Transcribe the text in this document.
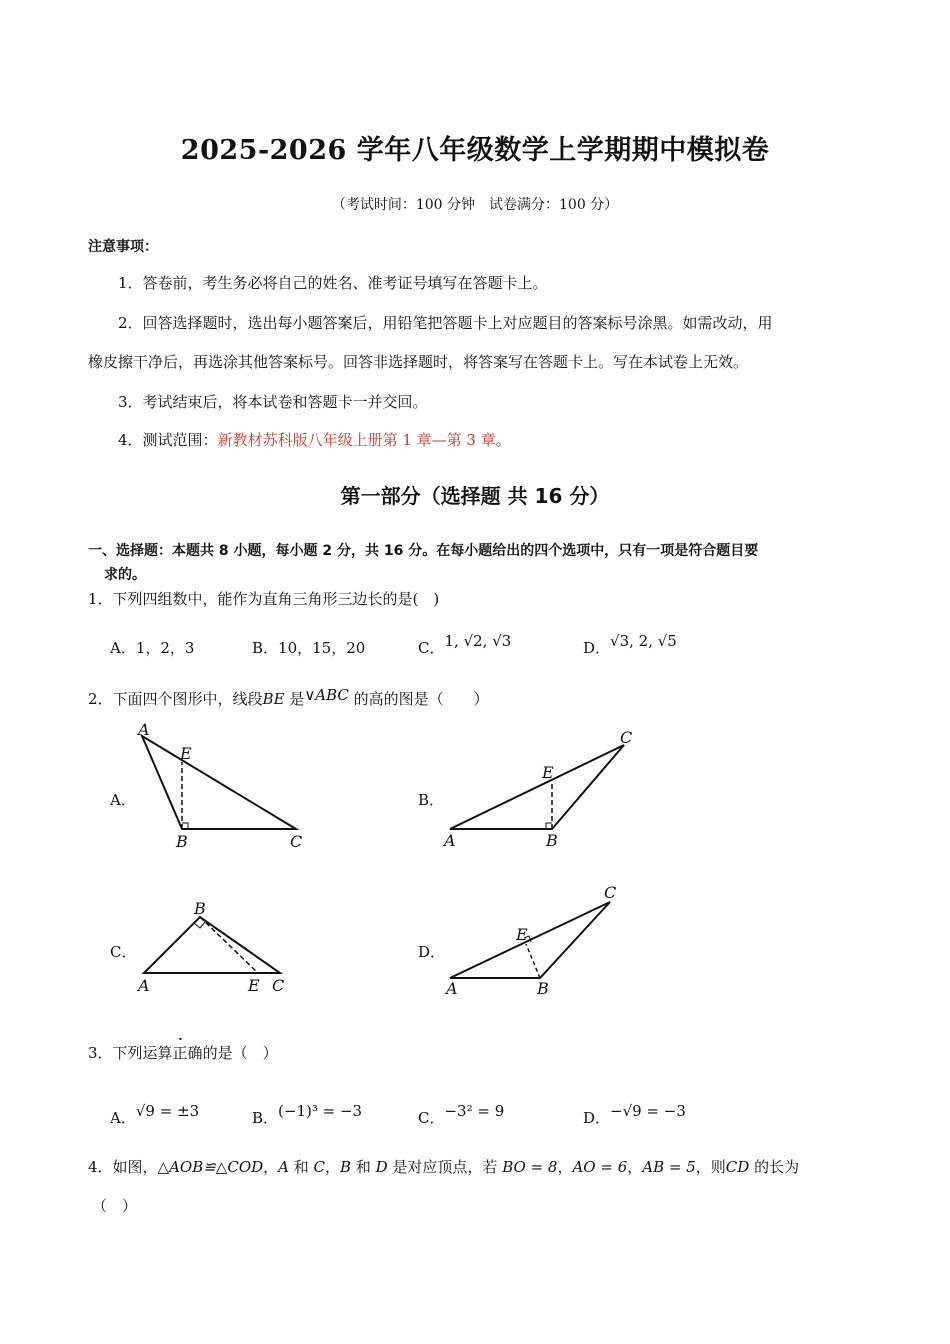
2025-2026 学年八年级数学上学期期中模拟卷
（考试时间：100 分钟　试卷满分：100 分）
注意事项：
1．答卷前，考生务必将自己的姓名、准考证号填写在答题卡上。
2．回答选择题时，选出每小题答案后，用铅笔把答题卡上对应题目的答案标号涂黑。如需改动，用
橡皮擦干净后，再选涂其他答案标号。回答非选择题时，将答案写在答题卡上。写在本试卷上无效。
3．考试结束后，将本试卷和答题卡一并交回。
4．测试范围：新教材苏科版八年级上册第 1 章—第 3 章。
第一部分（选择题 共 16 分）
一、选择题：本题共 8 小题，每小题 2 分，共 16 分。在每小题给出的四个选项中，只有一项是符合题目要
求的。
1．下列四组数中，能作为直角三角形三边长的是(　)
A．1，2，3	B．10，15，20	C．1, √2, √3	D．√3, 2, √5
2．下面四个图形中，线段BE 是∨ABC 的高的图是（　　）
A．
A
E
B	C
B．
A	B
C
E
C．
B
A	E C
D．
A	B
C
E
3．下列运算正确的是（　）
A．√9 = ±3	B．(−1)³ = −3	C．−3² = 9	D．−√9 = −3
4．如图，△AOB≌△COD，A 和 C，B 和 D 是对应顶点，若 BO = 8，AO = 6，AB = 5，则CD 的长为
（　）
